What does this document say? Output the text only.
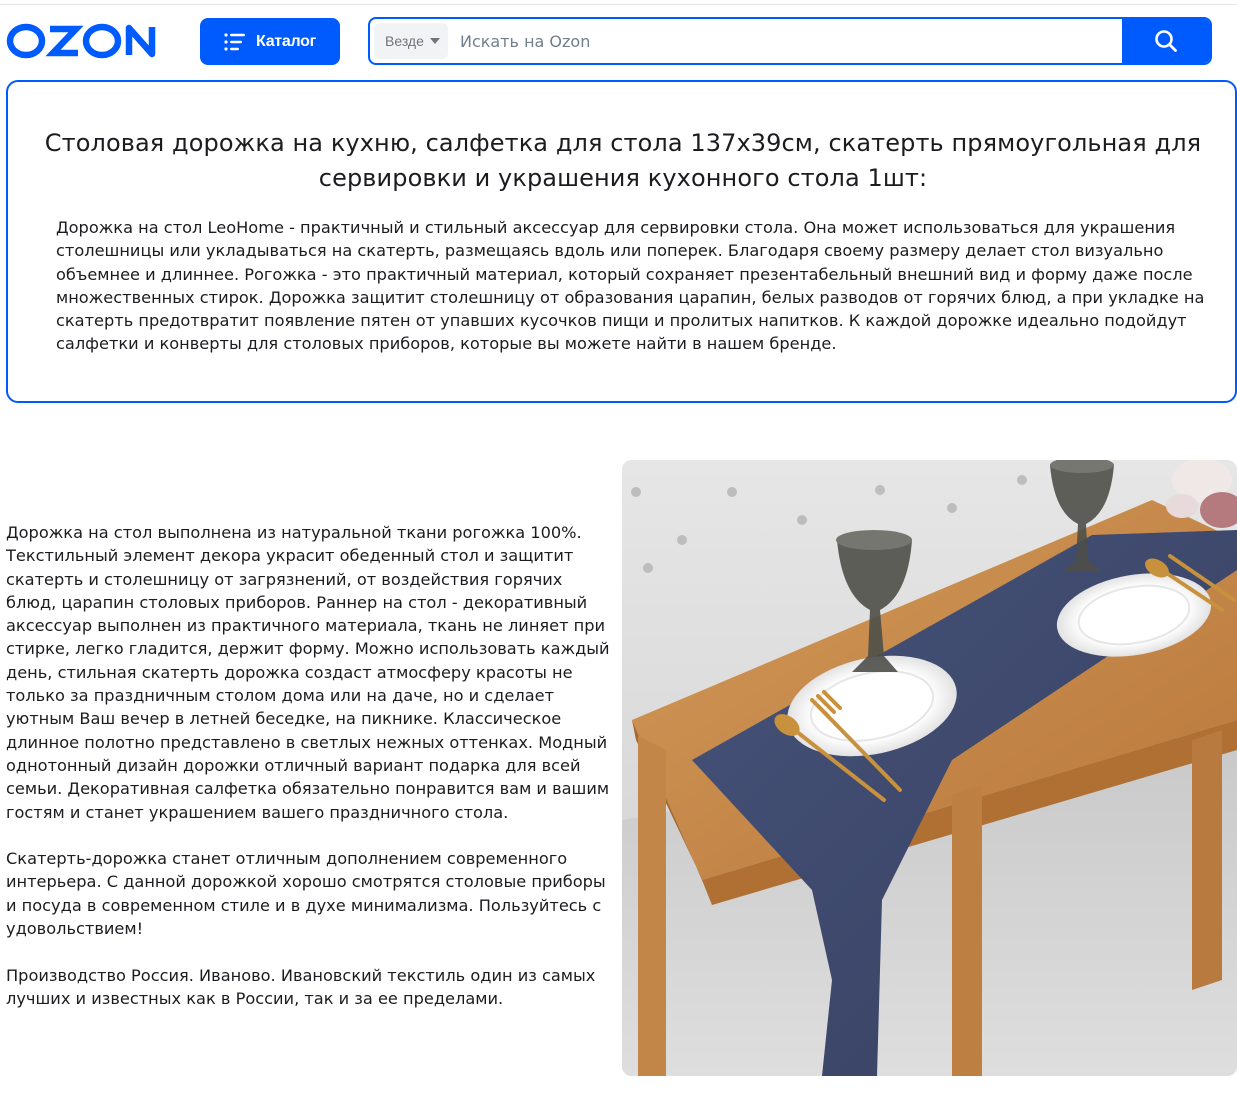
Каталог	Везде
Искать на Ozon
Столовая дорожка на кухню, салфетка для стола 137х39см, скатерть прямоугольная для сервировки и украшения кухонного стола 1шт:

Дорожка на стол LeoHome - практичный и стильный аксессуар для сервировки стола. Она может использоваться для украшения столешницы или укладываться на скатерть, размещаясь вдоль или поперек. Благодаря своему размеру делает стол визуально объемнее и длиннее. Рогожка - это практичный материал, который сохраняет презентабельный внешний вид и форму даже после множественных стирок. Дорожка защитит столешницу от образования царапин, белых разводов от горячих блюд, а при укладке на скатерть предотвратит появление пятен от упавших кусочков пищи и пролитых напитков. К каждой дорожке идеально подойдут салфетки и конверты для столовых приборов, которые вы можете найти в нашем бренде.

Дорожка на стол выполнена из натуральной ткани рогожка 100%. Текстильный элемент декора украсит обеденный стол и защитит скатерть и столешницу от загрязнений, от воздействия горячих блюд, царапин столовых приборов. Раннер на стол - декоративный аксессуар выполнен из практичного материала, ткань не линяет при стирке, легко гладится, держит форму. Можно использовать каждый день, стильная скатерть дорожка создаст атмосферу красоты не только за праздничным столом дома или на даче, но и сделает уютным Ваш вечер в летней беседке, на пикнике. Классическое длинное полотно представлено в светлых нежных оттенках. Модный однотонный дизайн дорожки отличный вариант подарка для всей семьи. Декоративная салфетка обязательно понравится вам и вашим гостям и станет украшением вашего праздничного стола.

Скатерть-дорожка станет отличным дополнением современного интерьера. С данной дорожкой хорошо смотрятся столовые приборы и посуда в современном стиле и в духе минимализма. Пользуйтесь с удовольствием!

Производство Россия. Иваново. Ивановский текстиль один из самых лучших и известных как в России, так и за ее пределами.
